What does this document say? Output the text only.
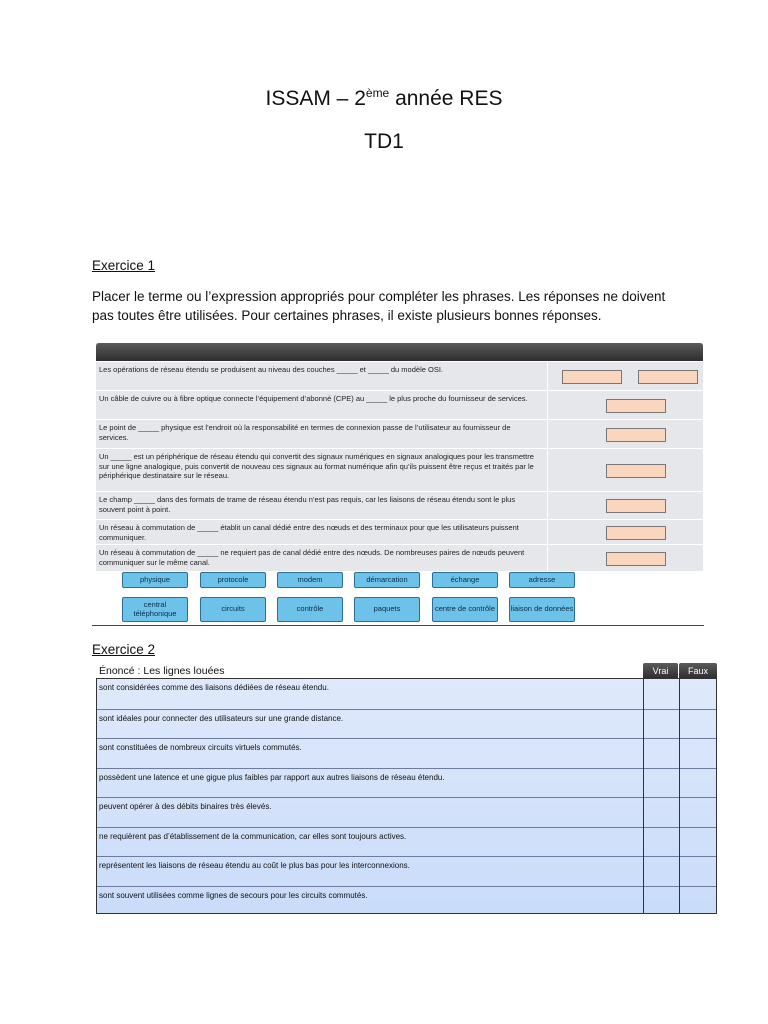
ISSAM – 2ème année RES
TD1
Exercice 1
Placer le terme ou l’expression appropriés pour compléter les phrases. Les réponses ne doivent pas toutes être utilisées. Pour certaines phrases, il existe plusieurs bonnes réponses.
Les opérations de réseau étendu se produisent au niveau des couches _____ et _____ du modèle OSI.
Un câble de cuivre ou à fibre optique connecte l’équipement d’abonné (CPE) au _____ le plus proche du fournisseur de services.
Le point de _____ physique est l’endroit où la responsabilité en termes de connexion passe de l’utilisateur au fournisseur de services.
Un _____ est un périphérique de réseau étendu qui convertit des signaux numériques en signaux analogiques pour les transmettre sur une ligne analogique, puis convertit de nouveau ces signaux au format numérique afin qu’ils puissent être reçus et traités par le périphérique destinataire sur le réseau.
Le champ _____ dans des formats de trame de réseau étendu n’est pas requis, car les liaisons de réseau étendu sont le plus souvent point à point.
Un réseau à commutation de _____ établit un canal dédié entre des nœuds et des terminaux pour que les utilisateurs puissent communiquer.
Un réseau à commutation de _____ ne requiert pas de canal dédié entre des nœuds. De nombreuses paires de nœuds peuvent communiquer sur le même canal.
physique	protocole	modem	démarcation	échange	adresse
central téléphonique	circuits	contrôle	paquets	centre de contrôle	liaison de données
Exercice 2
Énoncé : Les lignes louées	Vrai	Faux
sont considérées comme des liaisons dédiées de réseau étendu.
sont idéales pour connecter des utilisateurs sur une grande distance.
sont constituées de nombreux circuits virtuels commutés.
possèdent une latence et une gigue plus faibles par rapport aux autres liaisons de réseau étendu.
peuvent opérer à des débits binaires très élevés.
ne requièrent pas d’établissement de la communication, car elles sont toujours actives.
représentent les liaisons de réseau étendu au coût le plus bas pour les interconnexions.
sont souvent utilisées comme lignes de secours pour les circuits commutés.
